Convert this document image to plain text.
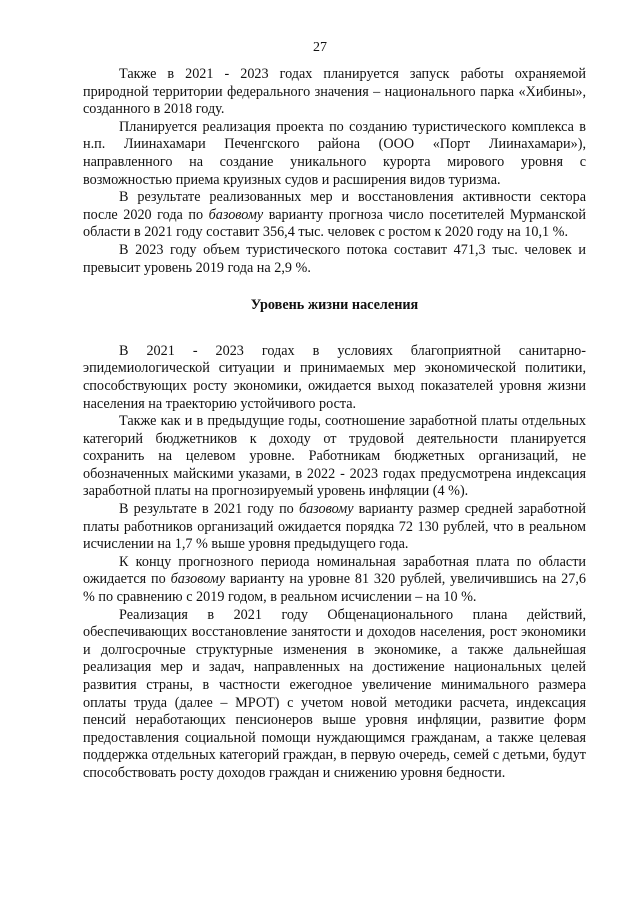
27

Также в 2021 - 2023 годах планируется запуск работы охраняемой природной территории федерального значения – национального парка «Хибины», созданного в 2018 году.

Планируется реализация проекта по созданию туристического комплекса в н.п. Лиинахамари Печенгского района (ООО «Порт Лиинахамари»), направленного на создание уникального курорта мирового уровня с возможностью приема круизных судов и расширения видов туризма.

В результате реализованных мер и восстановления активности сектора после 2020 года по базовому варианту прогноза число посетителей Мурманской области в 2021 году составит 356,4 тыс. человек с ростом к 2020 году на 10,1 %.

В 2023 году объем туристического потока составит 471,3 тыс. человек и превысит уровень 2019 года на 2,9 %.

Уровень жизни населения

В 2021 - 2023 годах в условиях благоприятной санитарно-эпидемиологической ситуации и принимаемых мер экономической политики, способствующих росту экономики, ожидается выход показателей уровня жизни населения на траекторию устойчивого роста.

Также как и в предыдущие годы, соотношение заработной платы отдельных категорий бюджетников к доходу от трудовой деятельности планируется сохранить на целевом уровне. Работникам бюджетных организаций, не обозначенных майскими указами, в 2022 - 2023 годах предусмотрена индексация заработной платы на прогнозируемый уровень инфляции (4 %).

В результате в 2021 году по базовому варианту размер средней заработной платы работников организаций ожидается порядка 72 130 рублей, что в реальном исчислении на 1,7 % выше уровня предыдущего года.

К концу прогнозного периода номинальная заработная плата по области ожидается по базовому варианту на уровне 81 320 рублей, увеличившись на 27,6 % по сравнению с 2019 годом, в реальном исчислении – на 10 %.

Реализация в 2021 году Общенационального плана действий, обеспечивающих восстановление занятости и доходов населения, рост экономики и долгосрочные структурные изменения в экономике, а также дальнейшая реализация мер и задач, направленных на достижение национальных целей развития страны, в частности ежегодное увеличение минимального размера оплаты труда (далее – МРОТ) с учетом новой методики расчета, индексация пенсий неработающих пенсионеров выше уровня инфляции, развитие форм предоставления социальной помощи нуждающимся гражданам, а также целевая поддержка отдельных категорий граждан, в первую очередь, семей с детьми, будут способствовать росту доходов граждан и снижению уровня бедности.
